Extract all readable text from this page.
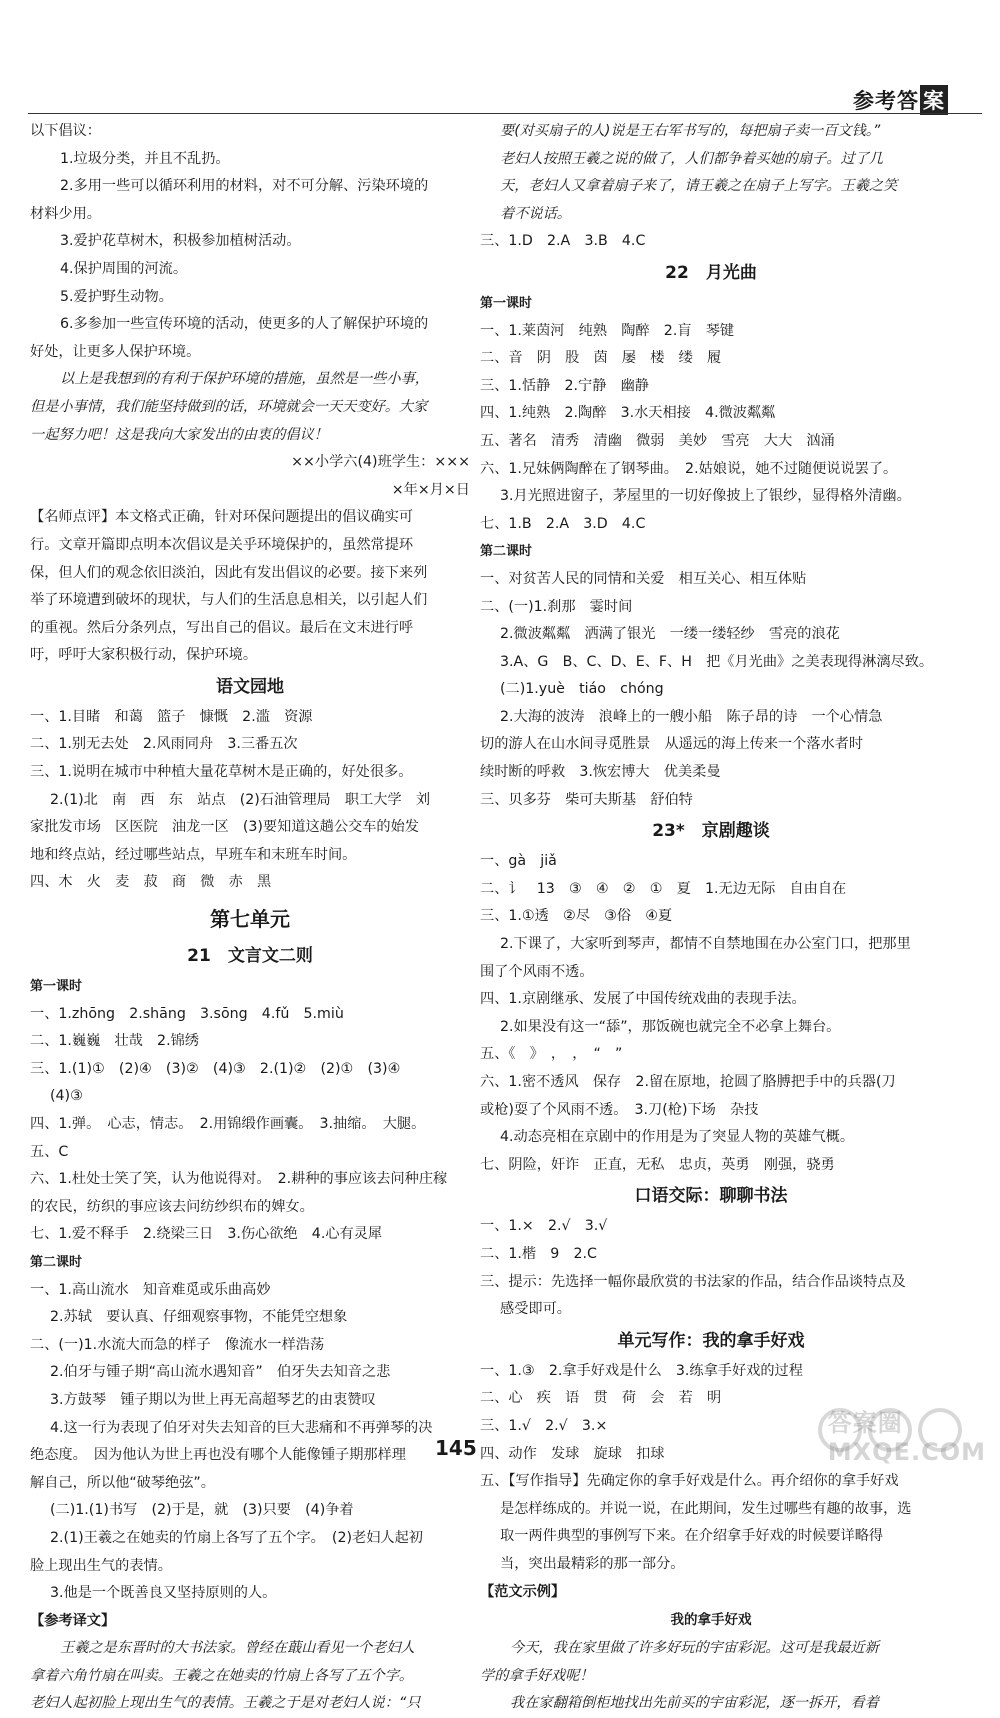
参考答 案
以下倡议：
1.垃圾分类，并且不乱扔。
2.多用一些可以循环利用的材料，对不可分解、污染环境的
材料少用。
3.爱护花草树木，积极参加植树活动。
4.保护周围的河流。
5.爱护野生动物。
6.多参加一些宣传环境的活动，使更多的人了解保护环境的
好处，让更多人保护环境。
以上是我想到的有利于保护环境的措施，虽然是一些小事，
但是小事情，我们能坚持做到的话，环境就会一天天变好。大家
一起努力吧！这是我向大家发出的由衷的倡议！
××小学六(4)班学生：×××
×年×月×日
【名师点评】本文格式正确，针对环保问题提出的倡议确实可
行。文章开篇即点明本次倡议是关乎环境保护的，虽然常提环
保，但人们的观念依旧淡泊，因此有发出倡议的必要。接下来列
举了环境遭到破坏的现状，与人们的生活息息相关，以引起人们
的重视。然后分条列点，写出自己的倡议。最后在文末进行呼
吁，呼吁大家积极行动，保护环境。
语文园地
一、1.目睹　和蔼　篮子　慷慨　2.滥　资源
二、1.别无去处　2.风雨同舟　3.三番五次
三、1.说明在城市中种植大量花草树木是正确的，好处很多。
2.(1)北　南　西　东　站点　(2)石油管理局　职工大学　刘
家批发市场　区医院　油龙一区　(3)要知道这趟公交车的始发
地和终点站，经过哪些站点，早班车和末班车时间。
四、木　火　麦　菽　商　微　赤　黑
第七单元
21　文言文二则
第一课时
一、1.zhōng　2.shāng　3.sōng　4.fǔ　5.miù
二、1.巍巍　壮哉　2.锦绣
三、1.(1)①　(2)④　(3)②　(4)③　2.(1)②　(2)①　(3)④
(4)③
四、1.弹。　心志，情志。　2.用锦缎作画囊。　3.抽缩。　大腿。
五、C
六、1.杜处士笑了笑，认为他说得对。　2.耕种的事应该去问种庄稼
的农民，纺织的事应该去问纺纱织布的婢女。
七、1.爱不释手　2.绕梁三日　3.伤心欲绝　4.心有灵犀
第二课时
一、1.高山流水　知音难觅或乐曲高妙
2.苏轼　要认真、仔细观察事物，不能凭空想象
二、(一)1.水流大而急的样子　像流水一样浩荡
2.伯牙与锺子期“高山流水遇知音”　伯牙失去知音之悲
3.方鼓琴　锺子期以为世上再无高超琴艺的由衷赞叹
4.这一行为表现了伯牙对失去知音的巨大悲痛和不再弹琴的决
绝态度。　因为他认为世上再也没有哪个人能像锺子期那样理
解自己，所以他“破琴绝弦”。
(二)1.(1)书写　(2)于是，就　(3)只要　(4)争着
2.(1)王羲之在她卖的竹扇上各写了五个字。　(2)老妇人起初
脸上现出生气的表情。
3.他是一个既善良又坚持原则的人。
【参考译文】
王羲之是东晋时的大书法家。曾经在蕺山看见一个老妇人
拿着六角竹扇在叫卖。王羲之在她卖的竹扇上各写了五个字。
老妇人起初脸上现出生气的表情。王羲之于是对老妇人说：“只
要(对买扇子的人)说是王右军书写的，每把扇子卖一百文钱。”
老妇人按照王羲之说的做了，人们都争着买她的扇子。过了几
天，老妇人又拿着扇子来了，请王羲之在扇子上写字。王羲之笑
着不说话。
三、1.D　2.A　3.B　4.C
22　月光曲
第一课时
一、1.莱茵河　纯熟　陶醉　2.肓　琴键
二、音　阴　股　茵　屡　楼　缕　履
三、1.恬静　2.宁静　幽静
四、1.纯熟　2.陶醉　3.水天相接　4.微波粼粼
五、著名　清秀　清幽　微弱　美妙　雪亮　大大　汹涌
六、1.兄妹俩陶醉在了钢琴曲。　2.姑娘说，她不过随便说说罢了。
3.月光照进窗子，茅屋里的一切好像披上了银纱，显得格外清幽。
七、1.B　2.A　3.D　4.C
第二课时
一、对贫苦人民的同情和关爱　相互关心、相互体贴
二、(一)1.刹那　霎时间
2.微波粼粼　洒满了银光　一缕一缕轻纱　雪亮的浪花
3.A、G　B、C、D、E、F、H　把《月光曲》之美表现得淋漓尽致。
(二)1.yuè　tiáo　chóng
2.大海的波涛　浪峰上的一艘小船　陈子昂的诗　一个心情急
切的游人在山水间寻觅胜景　从遥远的海上传来一个落水者时
续时断的呼救　3.恢宏博大　优美柔曼
三、贝多芬　柴可夫斯基　舒伯特
23*　京剧趣谈
一、gà　jiǎ
二、讠　13　③　④　②　①　夏　1.无边无际　自由自在
三、1.①透　②尽　③俗　④夏
2.下课了，大家听到琴声，都情不自禁地围在办公室门口，把那里
围了个风雨不透。
四、1.京剧继承、发展了中国传统戏曲的表现手法。
2.如果没有这一“舔”，那饭碗也就完全不必拿上舞台。
五、《　》　，　，　“　”
六、1.密不透风　保存　2.留在原地，抢圆了胳膊把手中的兵器(刀
或枪)耍了个风雨不透。　3.刀(枪)下场　杂技
4.动态亮相在京剧中的作用是为了突显人物的英雄气概。
七、阴险，奸诈　正直，无私　忠贞，英勇　刚强，骁勇
口语交际：聊聊书法
一、1.×　2.√　3.√
二、1.楷　9　2.C
三、提示：先选择一幅你最欣赏的书法家的作品，结合作品谈特点及
感受即可。
单元写作：我的拿手好戏
一、1.③　2.拿手好戏是什么　3.练拿手好戏的过程
二、心　疾　语　贯　荷　会　若　明
三、1.√　2.√　3.×
四、动作　发球　旋球　扣球
五、【写作指导】先确定你的拿手好戏是什么。再介绍你的拿手好戏
是怎样练成的。并说一说，在此期间，发生过哪些有趣的故事，选
取一两件典型的事例写下来。在介绍拿手好戏的时候要详略得
当，突出最精彩的那一部分。
【范文示例】
我的拿手好戏
今天，我在家里做了许多好玩的宇宙彩泥。这可是我最近新
学的拿手好戏呢！
我在家翻箱倒柜地找出先前买的宇宙彩泥，逐一拆开，看着
145
答案圈
MXQE.COM
